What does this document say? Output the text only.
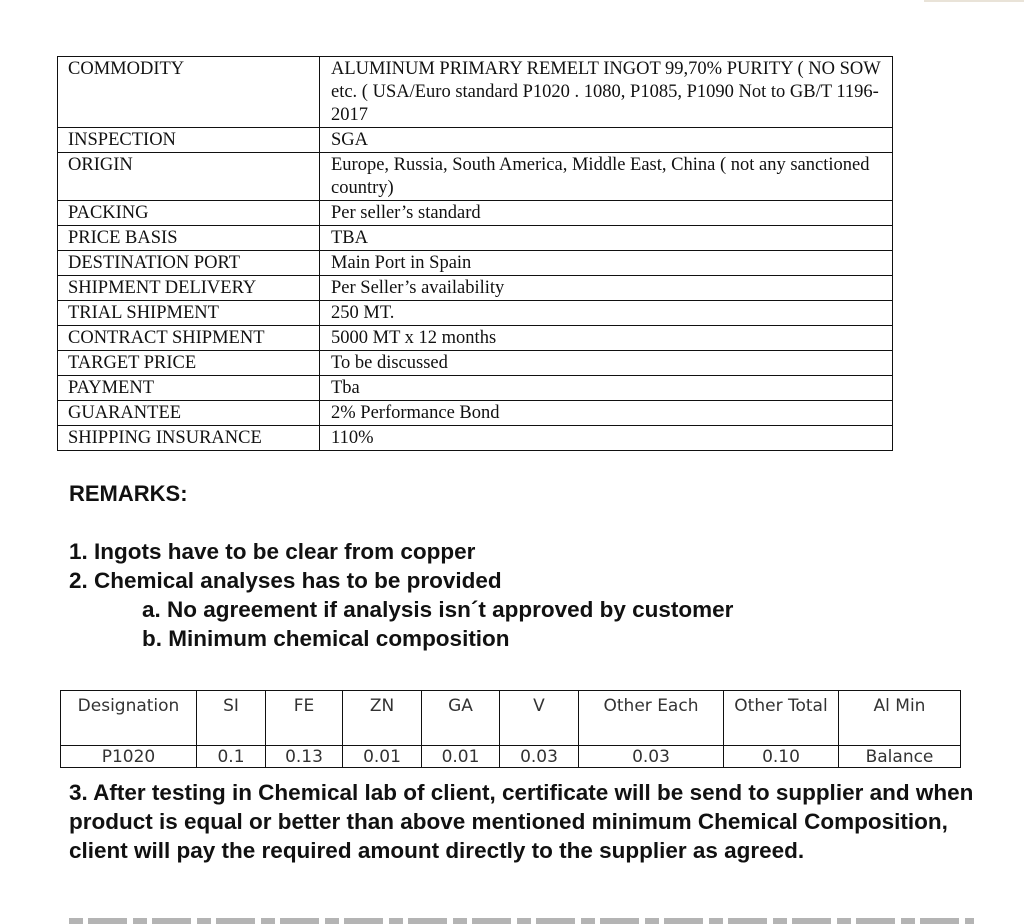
COMMODITY	ALUMINUM PRIMARY REMELT INGOT 99,70% PURITY ( NO SOW etc. ( USA/Euro standard P1020 . 1080, P1085, P1090 Not to GB/T 1196-2017
INSPECTION	SGA
ORIGIN	Europe, Russia, South America, Middle East, China ( not any sanctioned country)
PACKING	Per seller’s standard
PRICE BASIS	TBA
DESTINATION PORT	Main Port in Spain
SHIPMENT DELIVERY	Per Seller’s availability
TRIAL SHIPMENT	250 MT.
CONTRACT SHIPMENT	5000 MT x 12 months
TARGET PRICE	To be discussed
PAYMENT	Tba
GUARANTEE	2% Performance Bond
SHIPPING INSURANCE	110%
REMARKS:

1. Ingots have to be clear from copper

2. Chemical analyses has to be provided

a. No agreement if analysis isn´t approved by customer

b. Minimum chemical composition

Designation	SI	FE	ZN	GA	V	Other Each	Other Total	Al Min
P1020	0.1	0.13	0.01	0.01	0.03	0.03	0.10	Balance

3. After testing in Chemical lab of client, certificate will be send to supplier and when product is equal or better than above mentioned minimum Chemical Composition, client will pay the required amount directly to the supplier as agreed.
